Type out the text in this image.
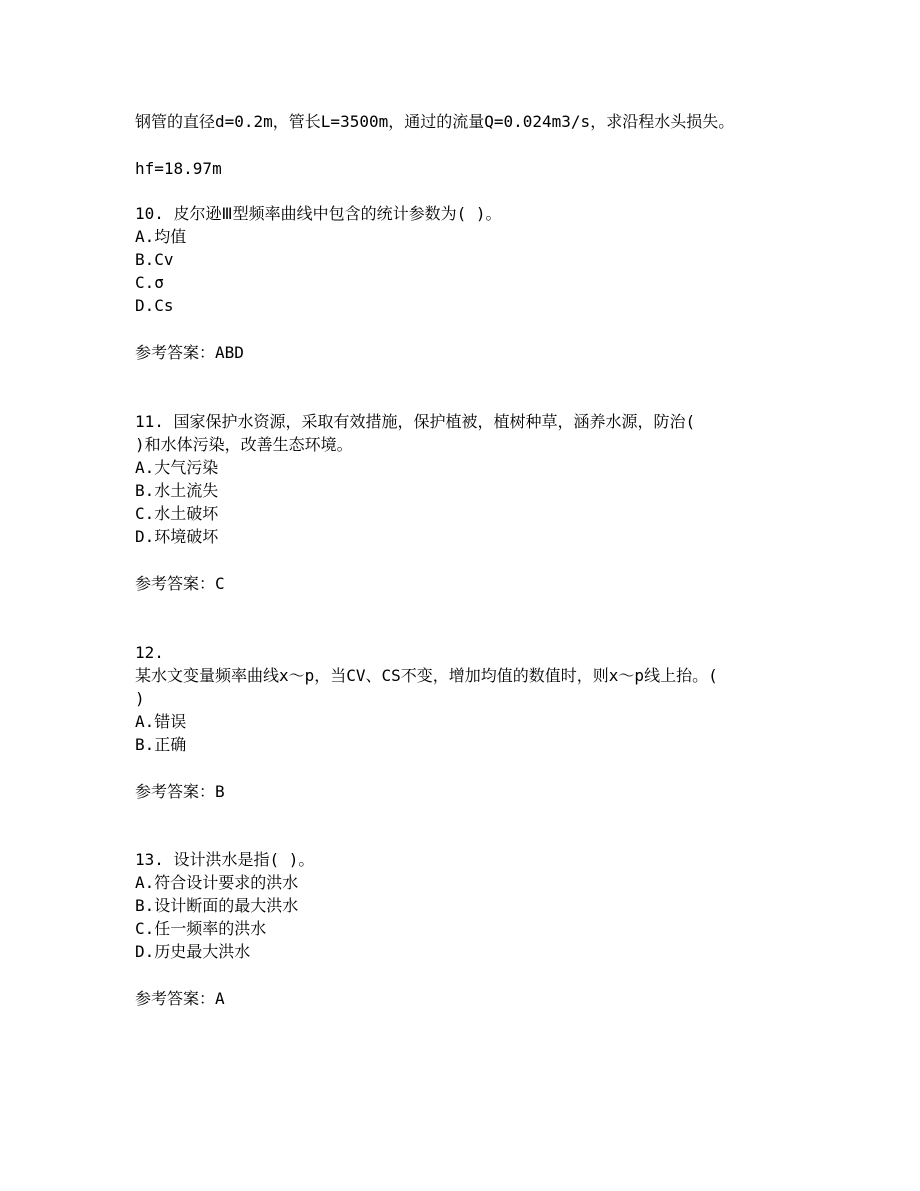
钢管的直径d=0.2m，管长L=3500m，通过的流量Q=0.024m3/s，求沿程水头损失。
hf=18.97m
10. 皮尔逊Ⅲ型频率曲线中包含的统计参数为( )。
A.均值
B.Cv
C.σ
D.Cs
参考答案：ABD
11. 国家保护水资源，采取有效措施，保护植被，植树种草，涵养水源，防治(
)和水体污染，改善生态环境。
A.大气污染
B.水土流失
C.水土破坏
D.环境破坏
参考答案：C
12.
某水文变量频率曲线x～p，当CV、CS不变，增加均值的数值时，则x～p线上抬。(
)
A.错误
B.正确
参考答案：B
13. 设计洪水是指( )。
A.符合设计要求的洪水
B.设计断面的最大洪水
C.任一频率的洪水
D.历史最大洪水
参考答案：A
